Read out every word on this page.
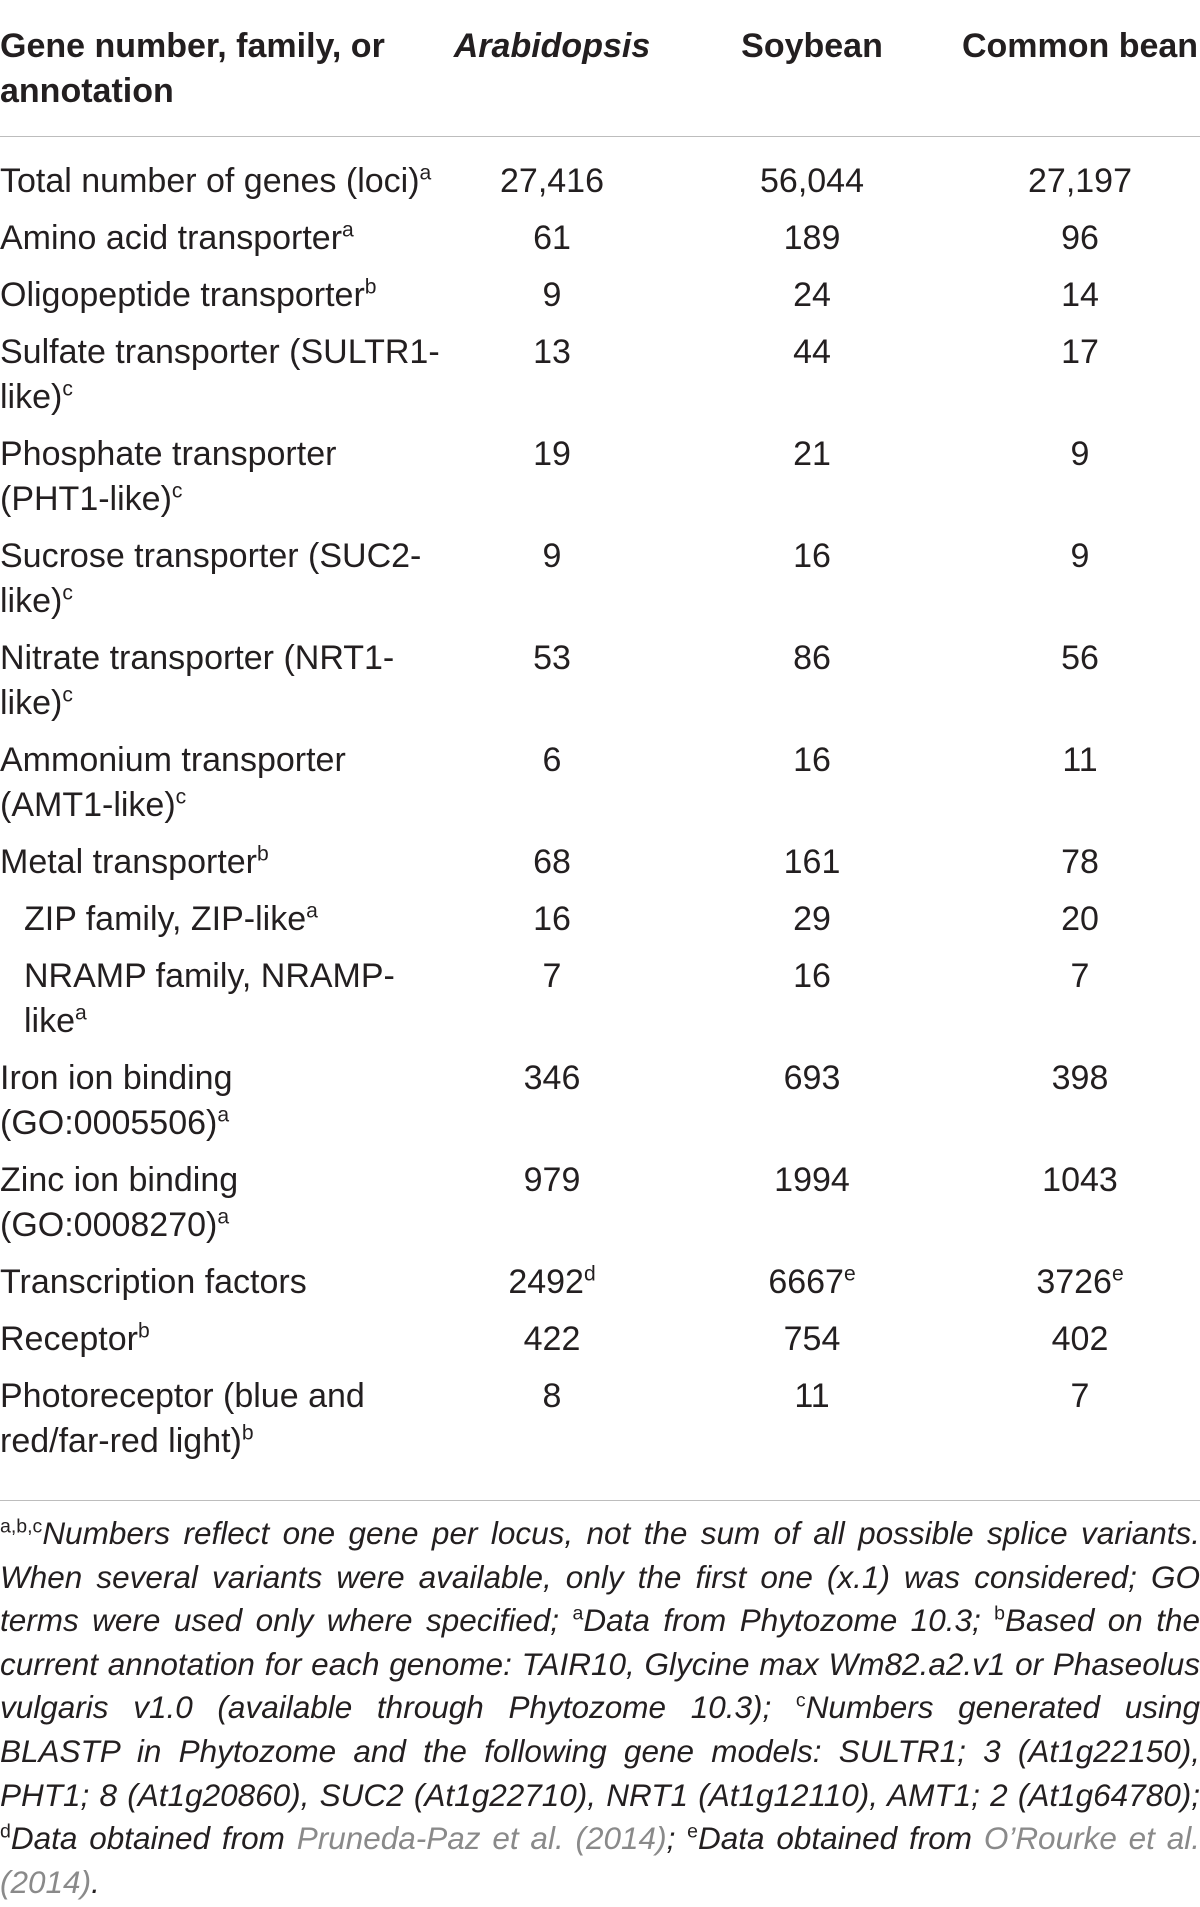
Gene number, family, or annotation	Arabidopsis	Soybean	Common bean
Total number of genes (loci)$^a$	27,416	56,044	27,197
Amino acid transporter$^a$	61	189	96
Oligopeptide transporter$^b$	9	24	14
Sulfate transporter (SULTR1-like)$^c$	13	44	17
Phosphate transporter (PHT1-like)$^c$	19	21	9
Sucrose transporter (SUC2-like)$^c$	9	16	9
Nitrate transporter (NRT1-like)$^c$	53	86	56
Ammonium transporter (AMT1-like)$^c$	6	16	11
Metal transporter$^b$	68	161	78
ZIP family, ZIP-like$^a$	16	29	20
NRAMP family, NRAMP-like$^a$	7	16	7
Iron ion binding (GO:0005506)$^a$	346	693	398
Zinc ion binding (GO:0008270)$^a$	979	1994	1043
Transcription factors	2492$^d$	6667e	3726e
Receptor$^b$	422	754	402
Photoreceptor (blue and red/far-red light)$^b$	8	11	7
$^{a,b,c}$Numbers reflect one gene per locus, not the sum of all possible splice variants. When several variants were available, only the first one (x.1) was considered; GO terms were used only where specified; $^a$Data from Phytozome 10.3; $^b$Based on the current annotation for each genome: TAIR10, Glycine max Wm82.a2.v1 or Phaseolus vulgaris v1.0 (available through Phytozome 10.3); $^c$Numbers generated using BLASTP in Phytozome and the following gene models: SULTR1; 3 (At1g22150), PHT1; 8 (At1g20860), SUC2 (At1g22710), NRT1 (At1g12110), AMT1; 2 (At1g64780); $^d$Data obtained from Pruneda-Paz et al. (2014); $^e$Data obtained from O’Rourke et al. (2014).
